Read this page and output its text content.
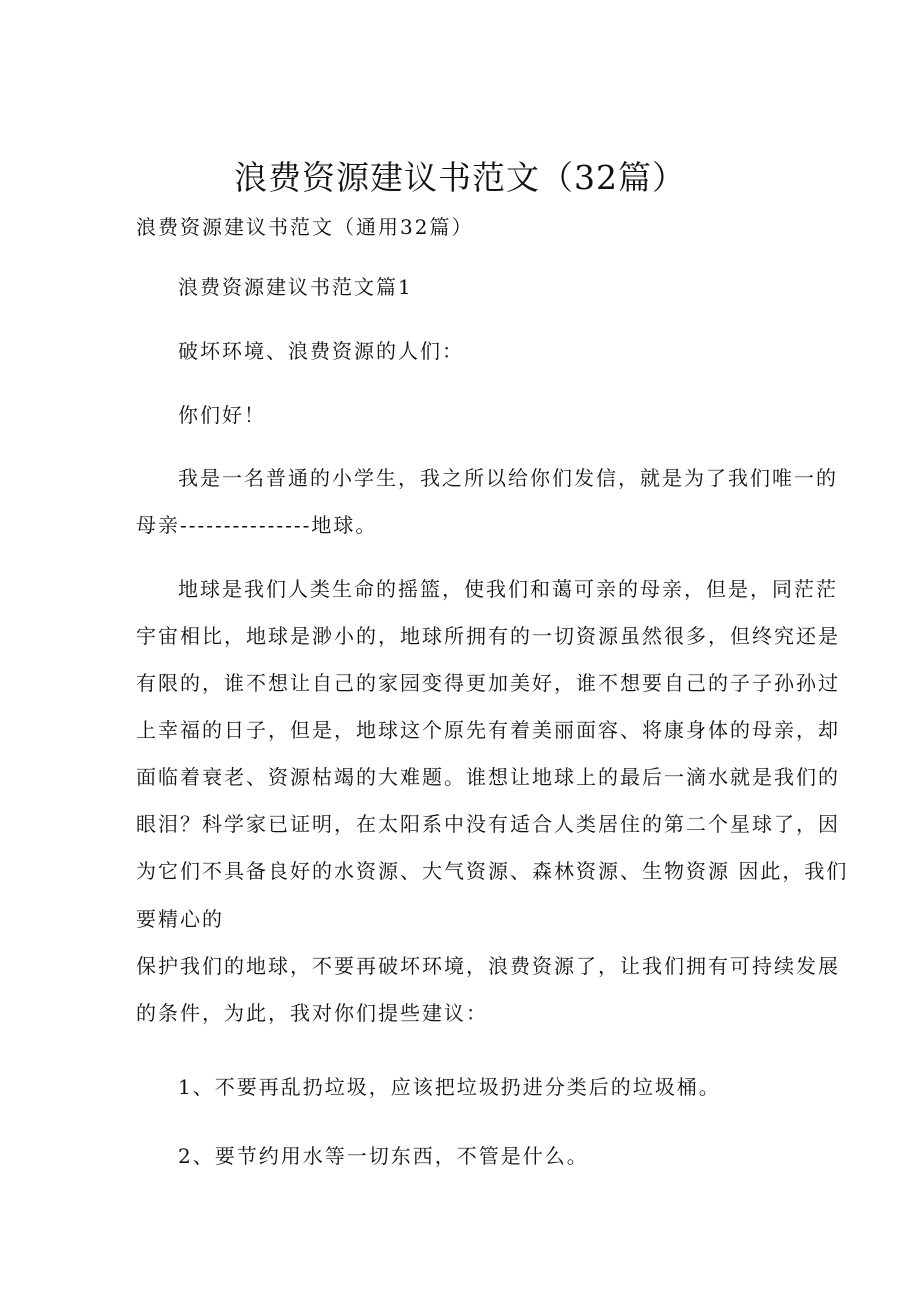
浪费资源建议书范文（32篇）
浪费资源建议书范文（通用32篇）
浪费资源建议书范文篇1
破坏环境、浪费资源的人们：
你们好！
我是一名普通的小学生，我之所以给你们发信，就是为了我们唯一的
母亲---------------地球。
地球是我们人类生命的摇篮，使我们和蔼可亲的母亲，但是，同茫茫
宇宙相比，地球是渺小的，地球所拥有的一切资源虽然很多，但终究还是
有限的，谁不想让自己的家园变得更加美好，谁不想要自己的子子孙孙过
上幸福的日子，但是，地球这个原先有着美丽面容、将康身体的母亲，却
面临着衰老、资源枯竭的大难题。谁想让地球上的最后一滴水就是我们的
眼泪？科学家已证明，在太阳系中没有适合人类居住的第二个星球了，因
为它们不具备良好的水资源、大气资源、森林资源、生物资源 因此，我们
要精心的
保护我们的地球，不要再破坏环境，浪费资源了，让我们拥有可持续发展
的条件，为此，我对你们提些建议：
1、不要再乱扔垃圾，应该把垃圾扔进分类后的垃圾桶。
2、要节约用水等一切东西，不管是什么。
